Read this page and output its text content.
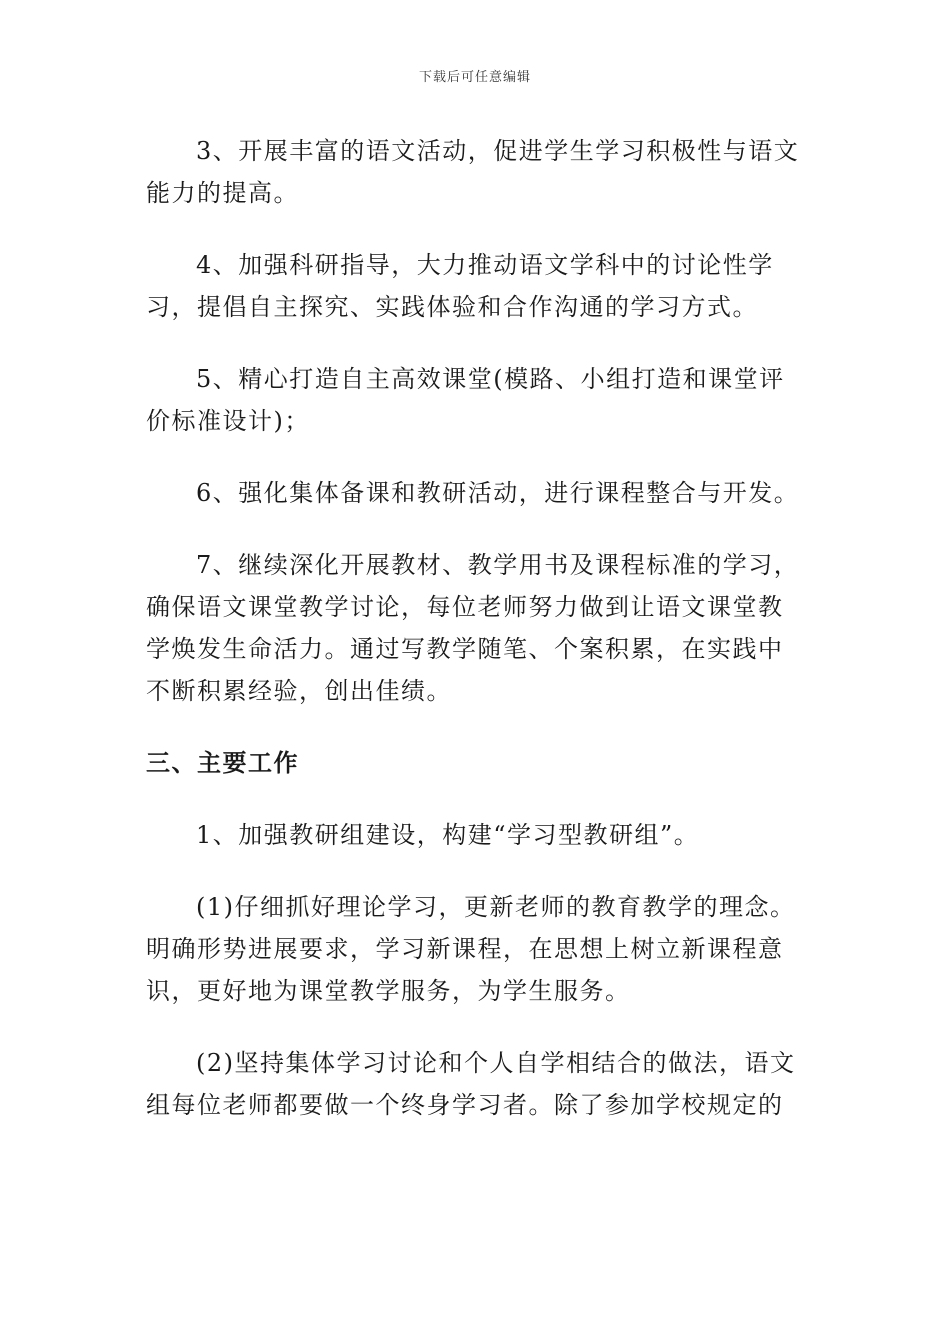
下载后可任意编辑

3、开展丰富的语文活动，促进学生学习积极性与语文能力的提高。

4、加强科研指导，大力推动语文学科中的讨论性学习，提倡自主探究、实践体验和合作沟通的学习方式。

5、精心打造自主高效课堂(模路、小组打造和课堂评价标准设计)；

6、强化集体备课和教研活动，进行课程整合与开发。

7、继续深化开展教材、教学用书及课程标准的学习，确保语文课堂教学讨论，每位老师努力做到让语文课堂教学焕发生命活力。通过写教学随笔、个案积累，在实践中不断积累经验，创出佳绩。

三、主要工作

1、加强教研组建设，构建“学习型教研组”。

(1)仔细抓好理论学习，更新老师的教育教学的理念。明确形势进展要求，学习新课程，在思想上树立新课程意识，更好地为课堂教学服务，为学生服务。

(2)坚持集体学习讨论和个人自学相结合的做法，语文组每位老师都要做一个终身学习者。除了参加学校规定的
